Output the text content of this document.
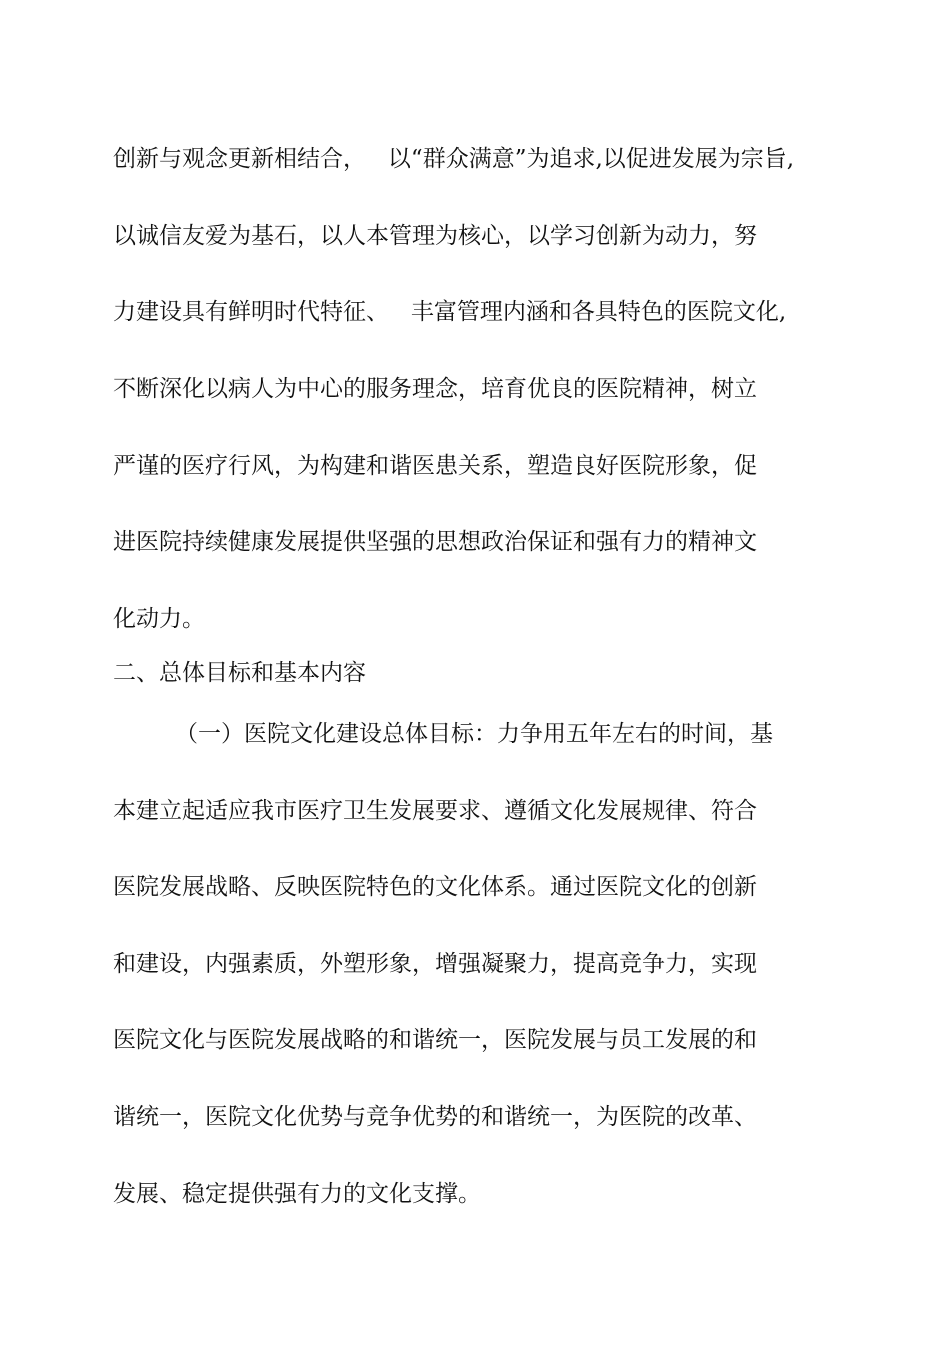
创新与观念更新相结合，   以“群众满意”为追求,以促进发展为宗旨,
以诚信友爱为基石，以人本管理为核心，以学习创新为动力，努
力建设具有鲜明时代特征、   丰富管理内涵和各具特色的医院文化,
不断深化以病人为中心的服务理念，培育优良的医院精神，树立
严谨的医疗行风，为构建和谐医患关系，塑造良好医院形象，促
进医院持续健康发展提供坚强的思想政治保证和强有力的精神文
化动力。
二、总体目标和基本内容
（一）医院文化建设总体目标：力争用五年左右的时间，基
本建立起适应我市医疗卫生发展要求、遵循文化发展规律、符合
医院发展战略、反映医院特色的文化体系。通过医院文化的创新
和建设，内强素质，外塑形象，增强凝聚力，提高竞争力，实现
医院文化与医院发展战略的和谐统一，医院发展与员工发展的和
谐统一，医院文化优势与竞争优势的和谐统一，为医院的改革、
发展、稳定提供强有力的文化支撑。
